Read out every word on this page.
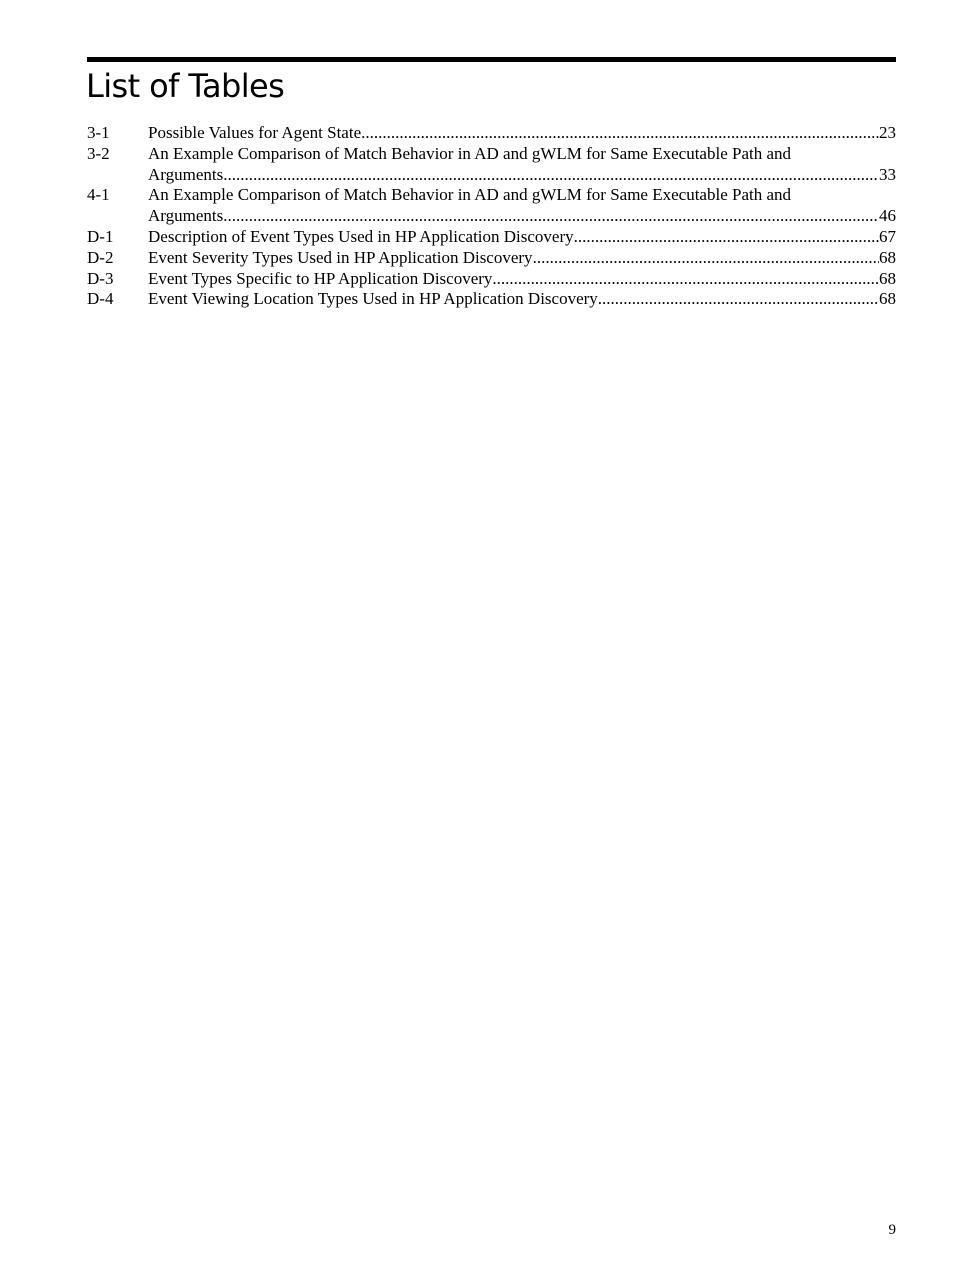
List of Tables
3-1	Possible Values for Agent State .....	23
3-2	An Example Comparison of Match Behavior in AD and gWLM for Same Executable Path and
Arguments .....	33
4-1	An Example Comparison of Match Behavior in AD and gWLM for Same Executable Path and
Arguments .....	46
D-1	Description of Event Types Used in HP Application Discovery .....	67
D-2	Event Severity Types Used in HP Application Discovery .....	68
D-3	Event Types Specific to HP Application Discovery .....	68
D-4	Event Viewing Location Types Used in HP Application Discovery .....	68
9
